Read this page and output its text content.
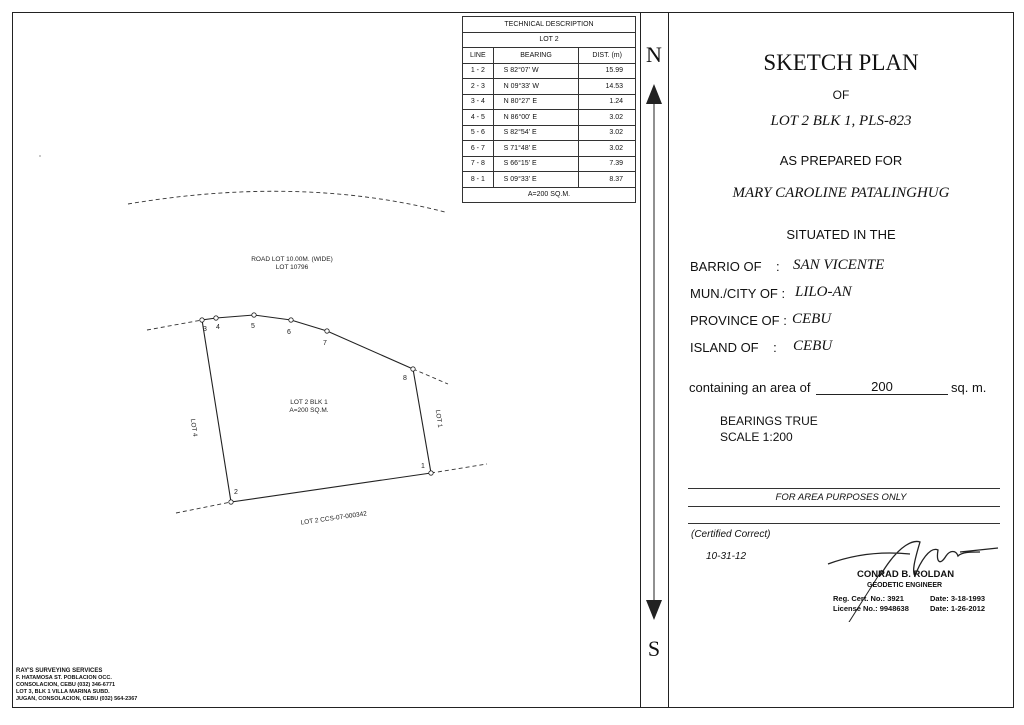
1
2
3 4	5
6
7
8
ROAD LOT 10.00M. (WIDE)
LOT 10796
LOT 2 BLK 1
A=200 SQ.M.
LOT 4	LOT 1
LOT 2 CCS-07-000342
TECHNICAL DESCRIPTION		
LOT 2		
LINE	BEARING	DIST. (m)
1 - 2	S 82°07' W	15.99
2 - 3	N 09°33' W	14.53
3 - 4	N 80°27' E	1.24
4 - 5	N 86°00' E	3.02
5 - 6	S 82°54' E	3.02
6 - 7	S 71°48' E	3.02
7 - 8	S 66°15' E	7.39
8 - 1	S 09°33' E	8.37
A=200 SQ.M.		
N
S
SKETCH PLAN
OF
LOT 2 BLK 1, PLS-823
AS PREPARED FOR
MARY CAROLINE PATALINGHUG
SITUATED IN THE
BARRIO OF    : SAN VICENTE
MUN./CITY OF : LILO-AN
PROVINCE OF : CEBU
ISLAND OF    : CEBU
containing an area of	200	sq. m.
BEARINGS TRUE
SCALE 1:200
FOR AREA PURPOSES ONLY
(Certified Correct)
10-31-12
CONRAD B. ROLDAN
GEODETIC ENGINEER
Reg. Cert. No.: 3921	Date: 3-18-1993
License No.: 9948638	Date: 1-26-2012
RAY'S SURVEYING SERVICES
F. HATAMOSA ST. POBLACION OCC.
CONSOLACION, CEBU (032) 346-6771
LOT 3, BLK 1 VILLA MARINA SUBD.
JUGAN, CONSOLACION, CEBU (032) 564-2367
